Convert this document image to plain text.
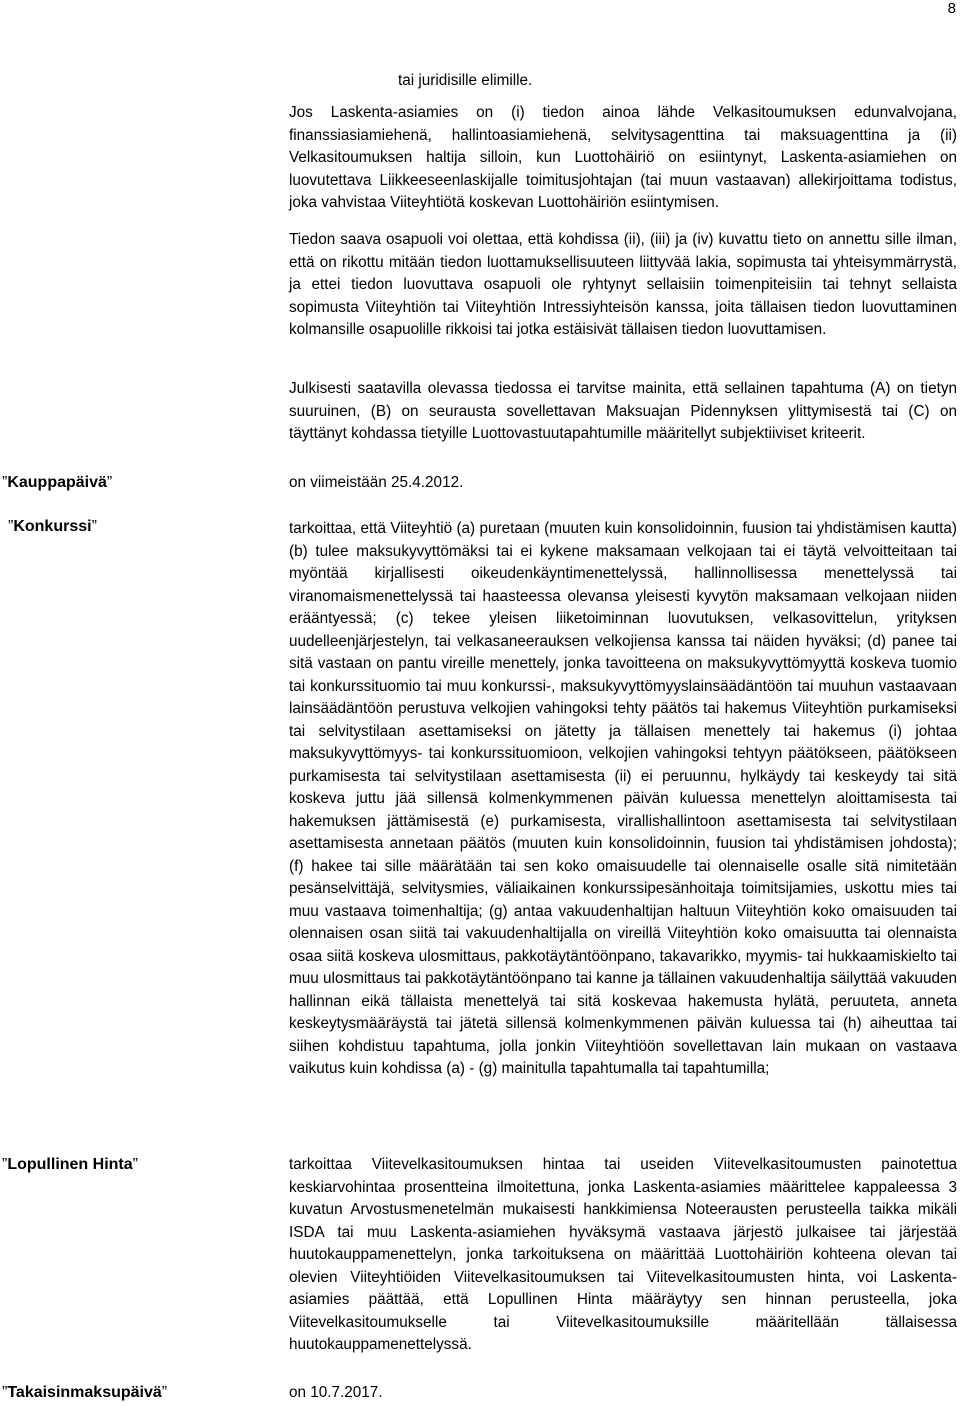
8
tai juridisille elimille.
Jos Laskenta-asiamies on (i) tiedon ainoa lähde Velkasitoumuksen edunvalvojana, finanssiasiamiehenä, hallintoasiamiehenä, selvitysagenttina tai maksuagenttina ja (ii) Velkasitoumuksen haltija silloin, kun Luottohäiriö on esiintynyt, Laskenta-asiamiehen on luovutettava Liikkeeseenlaskijalle toimitusjohtajan (tai muun vastaavan) allekirjoittama todistus, joka vahvistaa Viiteyhtiötä koskevan Luottohäiriön esiintymisen.
Tiedon saava osapuoli voi olettaa, että kohdissa (ii), (iii) ja (iv) kuvattu tieto on annettu sille ilman, että on rikottu mitään tiedon luottamuksellisuuteen liittyvää lakia, sopimusta tai yhteisymmärrystä, ja ettei tiedon luovuttava osapuoli ole ryhtynyt sellaisiin toimenpiteisiin tai tehnyt sellaista sopimusta Viiteyhtiön tai Viiteyhtiön Intressiyhteisön kanssa, joita tällaisen tiedon luovuttaminen kolmansille osapuolille rikkoisi tai jotka estäisivät tällaisen tiedon luovuttamisen.
Julkisesti saatavilla olevassa tiedossa ei tarvitse mainita, että sellainen tapahtuma (A) on tietyn suuruinen, (B) on seurausta sovellettavan Maksuajan Pidennyksen ylittymisestä tai (C) on täyttänyt kohdassa tietyille Luottovastuutapahtumille määritellyt subjektiiviset kriteerit.
”Kauppapäivä”	on viimeistään 25.4.2012.
”Konkurssi”	tarkoittaa, että Viiteyhtiö (a) puretaan (muuten kuin konsolidoinnin, fuusion tai yhdistämisen kautta) (b) tulee maksukyvyttömäksi tai ei kykene maksamaan velkojaan tai ei täytä velvoitteitaan tai myöntää kirjallisesti oikeudenkäyntimenettelyssä, hallinnollisessa menettelyssä tai viranomaismenettelyssä tai haasteessa olevansa yleisesti kyvytön maksamaan velkojaan niiden erääntyessä; (c) tekee yleisen liiketoiminnan luovutuksen, velkasovittelun, yrityksen uudelleenjärjestelyn, tai velkasaneerauksen velkojiensa kanssa tai näiden hyväksi; (d) panee tai sitä vastaan on pantu vireille menettely, jonka tavoitteena on maksukyvyttömyyttä koskeva tuomio tai konkurssituomio tai muu konkurssi-, maksukyvyttömyyslainsäädäntöön tai muuhun vastaavaan lainsäädäntöön perustuva velkojien vahingoksi tehty päätös tai hakemus Viiteyhtiön purkamiseksi tai selvitystilaan asettamiseksi on jätetty ja tällaisen menettely tai hakemus (i) johtaa maksukyvyttömyys- tai konkurssituomioon, velkojien vahingoksi tehtyyn päätökseen, päätökseen purkamisesta tai selvitystilaan asettamisesta (ii) ei peruunnu, hylkäydy tai keskeydy tai sitä koskeva juttu jää sillensä kolmenkymmenen päivän kuluessa menettelyn aloittamisesta tai hakemuksen jättämisestä (e) purkamisesta, virallishallintoon asettamisesta tai selvitystilaan asettamisesta annetaan päätös (muuten kuin konsolidoinnin, fuusion tai yhdistämisen johdosta); (f) hakee tai sille määrätään tai sen koko omaisuudelle tai olennaiselle osalle sitä nimitetään pesänselvittäjä, selvitysmies, väliaikainen konkurssipesänhoitaja toimitsijamies, uskottu mies tai muu vastaava toimenhaltija; (g) antaa vakuudenhaltijan haltuun Viiteyhtiön koko omaisuuden tai olennaisen osan siitä tai vakuudenhaltijalla on vireillä Viiteyhtiön koko omaisuutta tai olennaista osaa siitä koskeva ulosmittaus, pakkotäytäntöönpano, takavarikko, myymis- tai hukkaamiskielto tai muu ulosmittaus tai pakkotäytäntöönpano tai kanne ja tällainen vakuudenhaltija säilyttää vakuuden hallinnan eikä tällaista menettelyä tai sitä koskevaa hakemusta hylätä, peruuteta, anneta keskeytysmääräystä tai jätetä sillensä kolmenkymmenen päivän kuluessa tai (h) aiheuttaa tai siihen kohdistuu tapahtuma, jolla jonkin Viiteyhtiöön sovellettavan lain mukaan on vastaava vaikutus kuin kohdissa (a) - (g) mainitulla tapahtumalla tai tapahtumilla;
”Lopullinen Hinta”	tarkoittaa Viitevelkasitoumuksen hintaa tai useiden Viitevelkasitoumusten painotettua keskiarvohintaa prosentteina ilmoitettuna, jonka Laskenta-asiamies määrittelee kappaleessa 3 kuvatun Arvostusmenetelmän mukaisesti hankkimiensa Noteerausten perusteella taikka mikäli ISDA tai muu Laskenta-asiamiehen hyväksymä vastaava järjestö julkaisee tai järjestää huutokauppamenettelyn, jonka tarkoituksena on määrittää Luottohäiriön kohteena olevan tai olevien Viiteyhtiöiden Viitevelkasitoumuksen tai Viitevelkasitoumusten hinta, voi Laskenta-asiamies päättää, että Lopullinen Hinta määräytyy sen hinnan perusteella, joka Viitevelkasitoumukselle tai Viitevelkasitoumuksille määritellään tällaisessa huutokauppamenettelyssä.
”Takaisinmaksupäivä”	on 10.7.2017.
